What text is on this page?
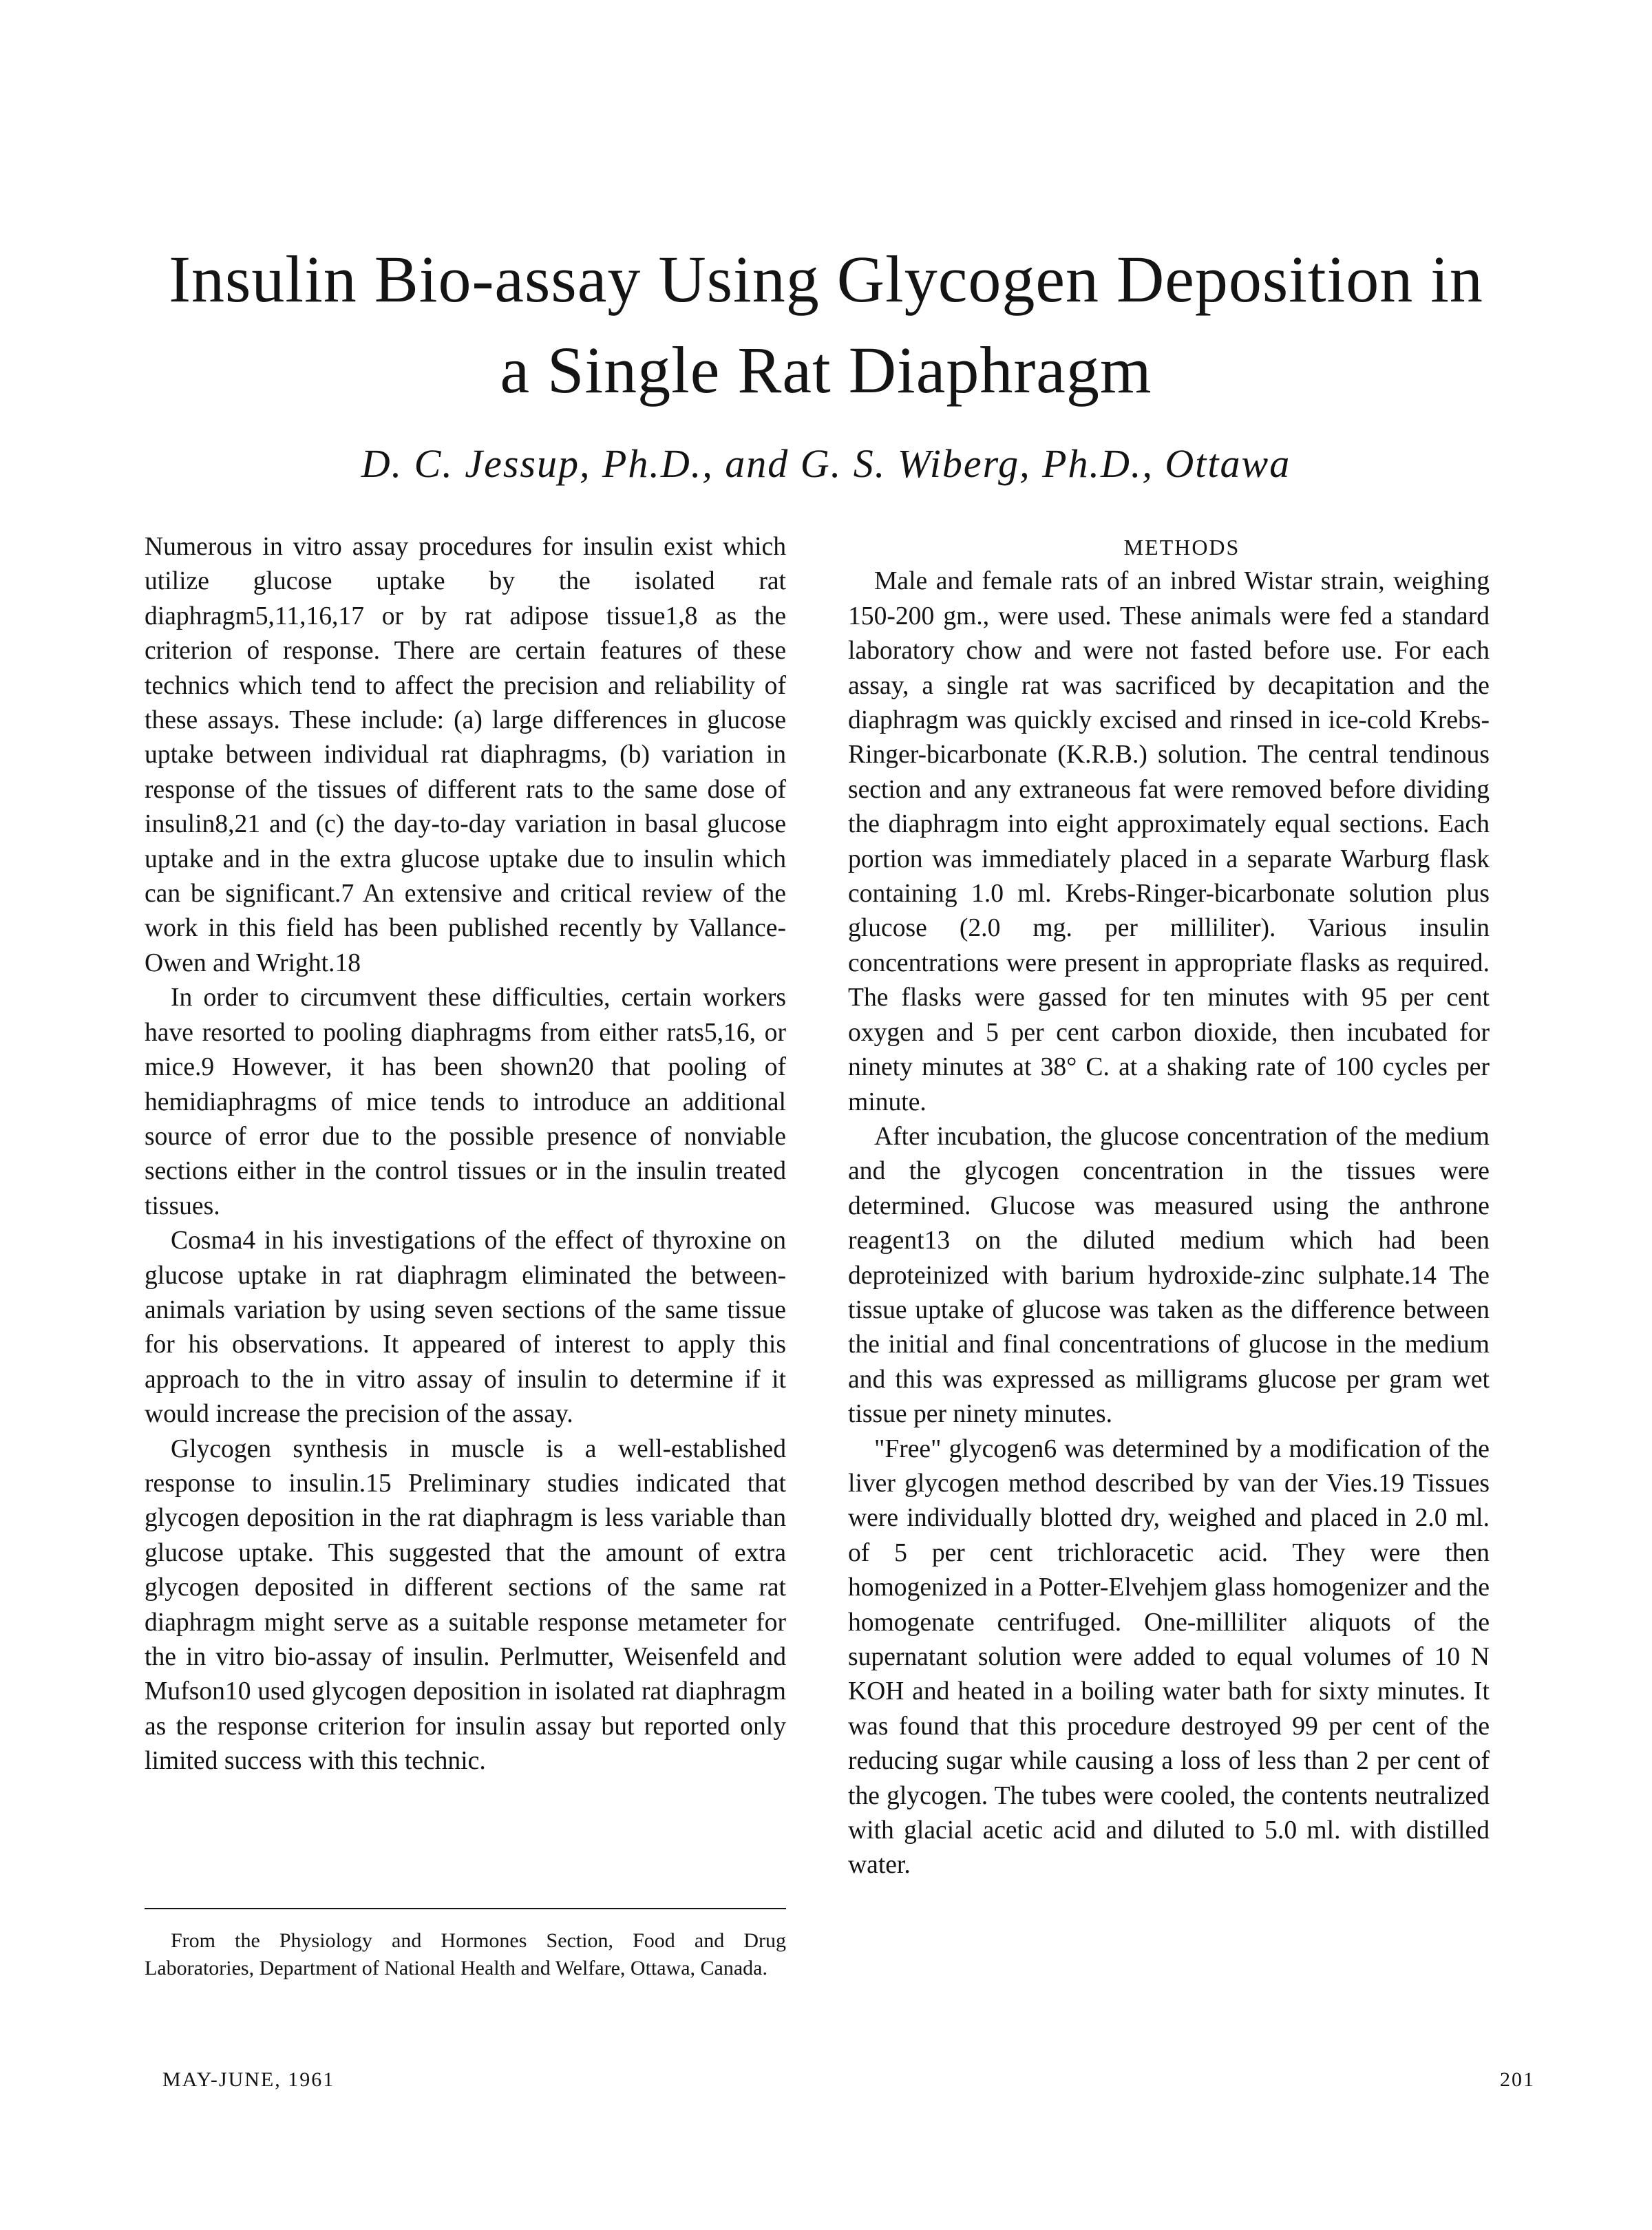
Insulin Bio-assay Using Glycogen Deposition in
a Single Rat Diaphragm

D. C. Jessup, Ph.D., and G. S. Wiberg, Ph.D., Ottawa

Numerous in vitro assay procedures for insulin exist which utilize glucose uptake by the isolated rat diaphragm5,11,16,17 or by rat adipose tissue1,8 as the criterion of response. There are certain features of these technics which tend to affect the precision and reliability of these assays. These include: (a) large differences in glucose uptake between individual rat diaphragms, (b) variation in response of the tissues of different rats to the same dose of insulin8,21 and (c) the day-to-day variation in basal glucose uptake and in the extra glucose uptake due to insulin which can be significant.7 An extensive and critical review of the work in this field has been published recently by Vallance-Owen and Wright.18

In order to circumvent these difficulties, certain workers have resorted to pooling diaphragms from either rats5,16, or mice.9 However, it has been shown20 that pooling of hemidiaphragms of mice tends to introduce an additional source of error due to the possible presence of nonviable sections either in the control tissues or in the insulin treated tissues.

Cosma4 in his investigations of the effect of thyroxine on glucose uptake in rat diaphragm eliminated the between-animals variation by using seven sections of the same tissue for his observations. It appeared of interest to apply this approach to the in vitro assay of insulin to determine if it would increase the precision of the assay.

Glycogen synthesis in muscle is a well-established response to insulin.15 Preliminary studies indicated that glycogen deposition in the rat diaphragm is less variable than glucose uptake. This suggested that the amount of extra glycogen deposited in different sections of the same rat diaphragm might serve as a suitable response metameter for the in vitro bio-assay of insulin. Perlmutter, Weisenfeld and Mufson10 used glycogen deposition in isolated rat diaphragm as the response criterion for insulin assay but reported only limited success with this technic.

From the Physiology and Hormones Section, Food and Drug Laboratories, Department of National Health and Welfare, Ottawa, Canada.

METHODS

Male and female rats of an inbred Wistar strain, weighing 150-200 gm., were used. These animals were fed a standard laboratory chow and were not fasted before use. For each assay, a single rat was sacrificed by decapitation and the diaphragm was quickly excised and rinsed in ice-cold Krebs-Ringer-bicarbonate (K.R.B.) solution. The central tendinous section and any extraneous fat were removed before dividing the diaphragm into eight approximately equal sections. Each portion was immediately placed in a separate Warburg flask containing 1.0 ml. Krebs-Ringer-bicarbonate solution plus glucose (2.0 mg. per milliliter). Various insulin concentrations were present in appropriate flasks as required. The flasks were gassed for ten minutes with 95 per cent oxygen and 5 per cent carbon dioxide, then incubated for ninety minutes at 38° C. at a shaking rate of 100 cycles per minute.

After incubation, the glucose concentration of the medium and the glycogen concentration in the tissues were determined. Glucose was measured using the anthrone reagent13 on the diluted medium which had been deproteinized with barium hydroxide-zinc sulphate.14 The tissue uptake of glucose was taken as the difference between the initial and final concentrations of glucose in the medium and this was expressed as milligrams glucose per gram wet tissue per ninety minutes.

"Free" glycogen6 was determined by a modification of the liver glycogen method described by van der Vies.19 Tissues were individually blotted dry, weighed and placed in 2.0 ml. of 5 per cent trichloracetic acid. They were then homogenized in a Potter-Elvehjem glass homogenizer and the homogenate centrifuged. One-milliliter aliquots of the supernatant solution were added to equal volumes of 10 N KOH and heated in a boiling water bath for sixty minutes. It was found that this procedure destroyed 99 per cent of the reducing sugar while causing a loss of less than 2 per cent of the glycogen. The tubes were cooled, the contents neutralized with glacial acetic acid and diluted to 5.0 ml. with distilled water.

MAY-JUNE, 1961	201
